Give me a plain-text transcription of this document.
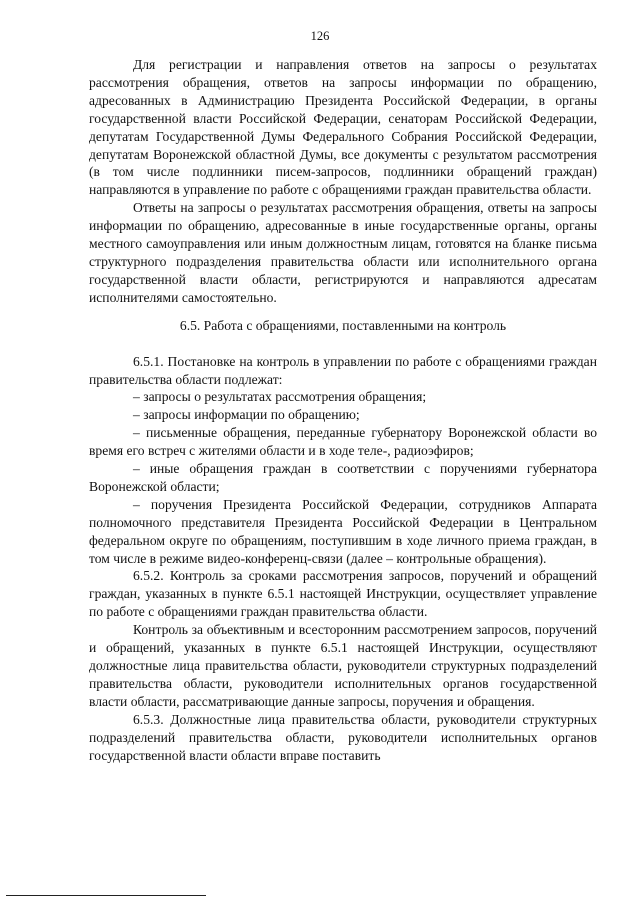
126

Для регистрации и направления ответов на запросы о результатах рассмотрения обращения, ответов на запросы информации по обращению, адресованных в Администрацию Президента Российской Федерации, в органы государственной власти Российской Федерации, сенаторам Российской Федерации, депутатам Государственной Думы Федерального Собрания Российской Федерации, депутатам Воронежской областной Думы, все документы с результатом рассмотрения (в том числе подлинники писем-запросов, подлинники обращений граждан) направляются в управление по работе с обращениями граждан правительства области.

Ответы на запросы о результатах рассмотрения обращения, ответы на запросы информации по обращению, адресованные в иные государственные органы, органы местного самоуправления или иным должностным лицам, готовятся на бланке письма структурного подразделения правительства области или исполнительного органа государственной власти области, регистрируются и направляются адресатам исполнителями самостоятельно.

6.5. Работа с обращениями, поставленными на контроль

6.5.1. Постановке на контроль в управлении по работе с обращениями граждан правительства области подлежат:

– запросы о результатах рассмотрения обращения;

– запросы информации по обращению;

– письменные обращения, переданные губернатору Воронежской области во время его встреч с жителями области и в ходе теле-, радиоэфиров;

– иные обращения граждан в соответствии с поручениями губернатора Воронежской области;

– поручения Президента Российской Федерации, сотрудников Аппарата полномочного представителя Президента Российской Федерации в Центральном федеральном округе по обращениям, поступившим в ходе личного приема граждан, в том числе в режиме видео-конференц-связи (далее – контрольные обращения).

6.5.2. Контроль за сроками рассмотрения запросов, поручений и обращений граждан, указанных в пункте 6.5.1 настоящей Инструкции, осуществляет управление по работе с обращениями граждан правительства области.

Контроль за объективным и всесторонним рассмотрением запросов, поручений и обращений, указанных в пункте 6.5.1 настоящей Инструкции, осуществляют должностные лица правительства области, руководители структурных подразделений правительства области, руководители исполнительных органов государственной власти области, рассматривающие данные запросы, поручения и обращения.

6.5.3. Должностные лица правительства области, руководители структурных подразделений правительства области, руководители исполнительных органов государственной власти области вправе поставить
